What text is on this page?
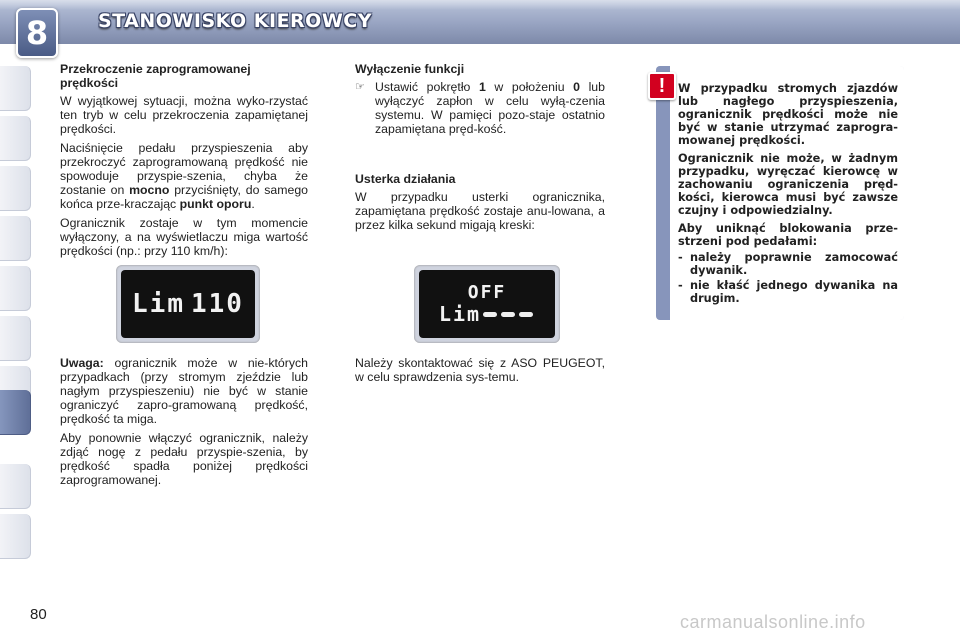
8	STANOWISKO KIEROWCY
Przekroczenie zaprogramowanej prędkości

W wyjątkowej sytuacji, można wyko-rzystać ten tryb w celu przekroczenia zapamiętanej prędkości.

Naciśnięcie pedału przyspieszenia aby przekroczyć zaprogramowaną prędkość nie spowoduje przyspie-szenia, chyba że zostanie on mocno przyciśnięty, do samego końca prze-kraczając punkt oporu.

Ogranicznik zostaje w tym momencie wyłączony, a na wyświetlaczu miga wartość prędkości (np.: przy 110 km/h):

Lim 110

Uwaga: ogranicznik może w nie-których przypadkach (przy stromym zjeździe lub nagłym przyspieszeniu) nie być w stanie ograniczyć zapro-gramowaną prędkość, prędkość ta miga.

Aby ponownie włączyć ogranicznik, należy zdjąć nogę z pedału przyspie-szenia, by prędkość spadła poniżej prędkości zaprogramowanej.

Wyłączenie funkcji
☞ Ustawić pokrętło 1 w położeniu 0 lub wyłączyć zapłon w celu wyłą-czenia systemu. W pamięci pozo-staje ostatnio zapamiętana pręd-kość.
Usterka działania

W przypadku usterki ogranicznika, zapamiętana prędkość zostaje anu-lowana, a przez kilka sekund migają kreski:

OFF
Lim

Należy skontaktować się z ASO PEUGEOT, w celu sprawdzenia sys-temu.

!	W przypadku stromych zjazdów lub nagłego przyspieszenia, ogranicznik prędkości może nie być w stanie utrzymać zaprogra-mowanej prędkości.

Ogranicznik nie może, w żadnym przypadku, wyręczać kierowcę w zachowaniu ograniczenia pręd-kości, kierowca musi być zawsze czujny i odpowiedzialny.

Aby uniknąć blokowania prze-strzeni pod pedałami:

- należy poprawnie zamocować dywanik.
- nie kłaść jednego dywanika na drugim.
80	carmanualsonline.info
